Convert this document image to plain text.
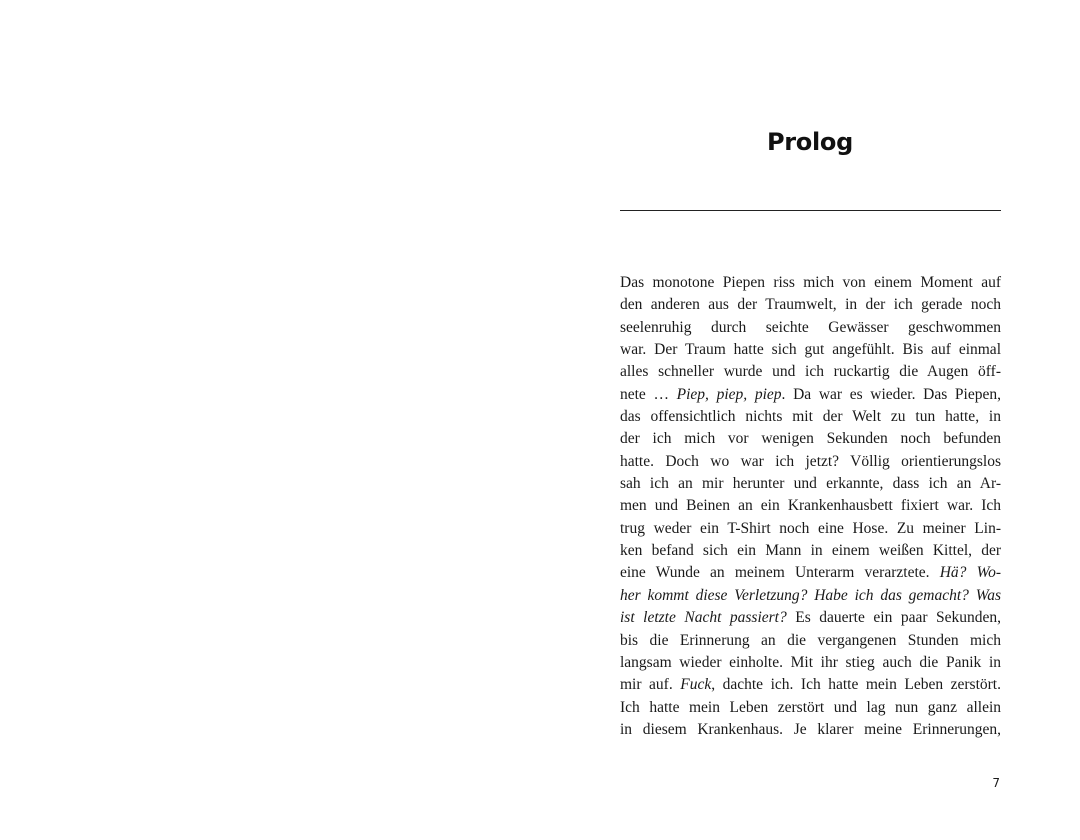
Prolog
Das monotone Piepen riss mich von einem Moment auf
den anderen aus der Traumwelt, in der ich gerade noch
seelenruhig durch seichte Gewässer geschwommen
war. Der Traum hatte sich gut angefühlt. Bis auf einmal
alles schneller wurde und ich ruckartig die Augen öff-
nete … Piep, piep, piep. Da war es wieder. Das Piepen,
das offensichtlich nichts mit der Welt zu tun hatte, in
der ich mich vor wenigen Sekunden noch befunden
hatte. Doch wo war ich jetzt? Völlig orientierungslos
sah ich an mir herunter und erkannte, dass ich an Ar-
men und Beinen an ein Krankenhausbett fixiert war. Ich
trug weder ein T-Shirt noch eine Hose. Zu meiner Lin-
ken befand sich ein Mann in einem weißen Kittel, der
eine Wunde an meinem Unterarm verarztete. Hä? Wo-
her kommt diese Verletzung? Habe ich das gemacht? Was
ist letzte Nacht passiert? Es dauerte ein paar Sekunden,
bis die Erinnerung an die vergangenen Stunden mich
langsam wieder einholte. Mit ihr stieg auch die Panik in
mir auf. Fuck, dachte ich. Ich hatte mein Leben zerstört.
Ich hatte mein Leben zerstört und lag nun ganz allein
in diesem Krankenhaus. Je klarer meine Erinnerungen,
7
